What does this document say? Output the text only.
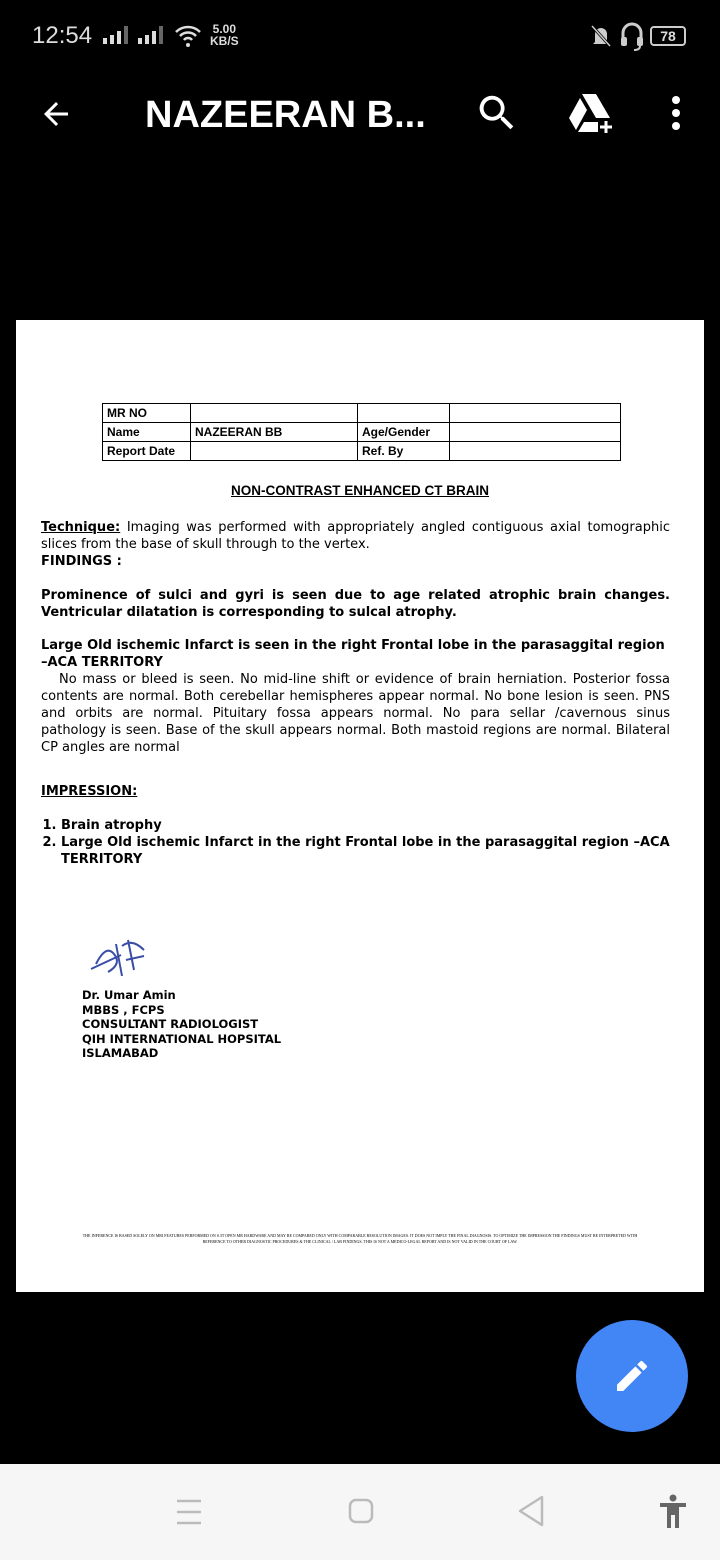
12:54	5.00
KB/S	78
NAZEERAN B...
MR NO			
Name	NAZEERAN BB	Age/Gender	
Report Date		Ref. By	
NON-CONTRAST ENHANCED CT BRAIN
Technique: Imaging was performed with appropriately angled contiguous axial tomographic slices from the base of skull through to the vertex.
FINDINGS :
Prominence of sulci and gyri is seen due to age related atrophic brain changes. Ventricular dilatation is corresponding to sulcal atrophy.
Large Old ischemic Infarct is seen in the right Frontal lobe in the parasaggital region –ACA TERRITORY
No mass or bleed is seen. No mid-line shift or evidence of brain herniation. Posterior fossa contents are normal. Both cerebellar hemispheres appear normal. No bone lesion is seen. PNS and orbits are normal. Pituitary fossa appears normal. No para sellar /cavernous sinus pathology is seen. Base of the skull appears normal. Both mastoid regions are normal. Bilateral CP angles are normal
IMPRESSION:
1. Brain atrophy
2. Large Old ischemic Infarct in the right Frontal lobe in the parasaggital region –ACA TERRITORY
Dr. Umar Amin
MBBS , FCPS
CONSULTANT RADIOLOGIST
QIH INTERNATIONAL HOPSITAL
ISLAMABAD
THE INFERENCE IS BASED SOLELY ON MRI FEATURES PERFORMED ON 0.3T OPEN MR HARDWARE AND MAY BE COMPARED ONLY WITH COMPARABLE RESOLUTION IMAGES. IT DOES NOT IMPLY THE FINAL DIAGNOSIS. TO OPTIMIZE THE IMPRESSION THE FINDINGS MUST BE INTERPRETED WITH REFERENCE TO OTHER DIAGNOSTIC PROCEDURES & THE CLINICAL / LAB FINDINGS. THIS IS NOT A MEDICO-LEGAL REPORT AND IS NOT VALID IN THE COURT OF LAW.
